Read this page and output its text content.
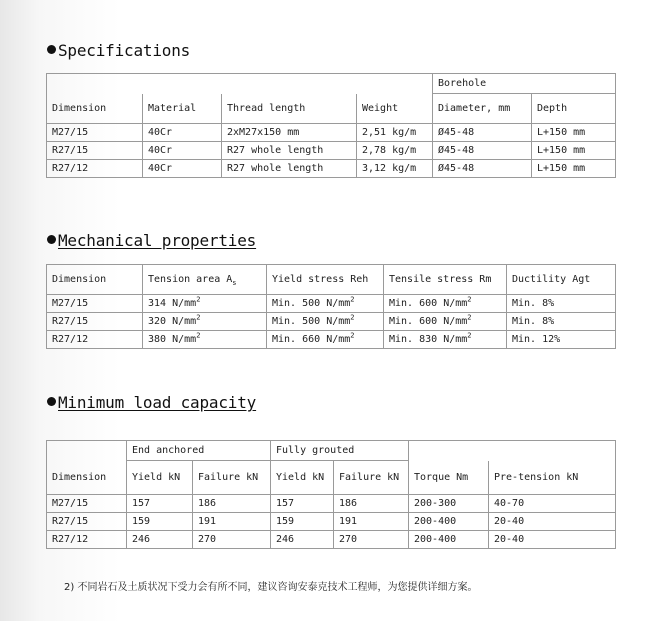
Specifications
				Borehole	
Dimension	Material	Thread length	Weight	Diameter, mm	Depth
M27/15	40Cr	2xM27x150 mm	2,51 kg/m	Ø45-48	L+150 mm
R27/15	40Cr	R27 whole length	2,78 kg/m	Ø45-48	L+150 mm
R27/12	40Cr	R27 whole length	3,12 kg/m	Ø45-48	L+150 mm
Mechanical properties
Dimension	Tension area $A_s$	Yield stress Reh	Tensile stress Rm	Ductility Agt
M27/15	314 $N/mm^2$	Min. 500 $N/mm^2$	Min. 600 $N/mm^2$	Min. 8%
R27/15	320 $N/mm^2$	Min. 500 $N/mm^2$	Min. 600 $N/mm^2$	Min. 8%
R27/12	380 $N/mm^2$	Min. 660 $N/mm^2$	Min. 830 $N/mm^2$	Min. 12%
Minimum load capacity
	End anchored		Fully grouted			
Dimension	Yield kN	Failure kN	Yield kN	Failure kN	Torque Nm	Pre-tension kN
M27/15	157	186	157	186	200-300	40-70
R27/15	159	191	159	191	200-400	20-40
R27/12	246	270	246	270	200-400	20-40
2) 不同岩石及土质状况下受力会有所不同，建议咨询安泰克技术工程师，为您提供详细方案。
